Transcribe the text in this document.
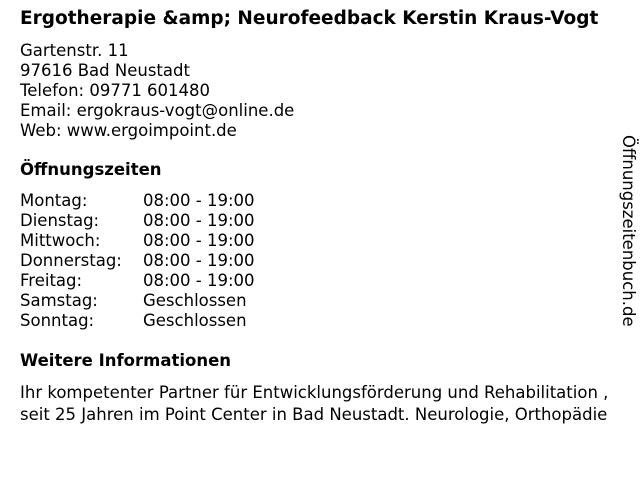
Ergotherapie &amp; Neurofeedback Kerstin Kraus-Vogt
Gartenstr. 11
97616 Bad Neustadt
Telefon: 09771 601480
Email: ergokraus-vogt@online.de
Web: www.ergoimpoint.de
Öffnungszeiten
Montag:	08:00 - 19:00
Dienstag:	08:00 - 19:00
Mittwoch:	08:00 - 19:00
Donnerstag:	08:00 - 19:00
Freitag:	08:00 - 19:00
Samstag:	Geschlossen
Sonntag:	Geschlossen
Weitere Informationen
Ihr kompetenter Partner für Entwicklungsförderung und Rehabilitation , seit 25 Jahren im Point Center in Bad Neustadt. Neurologie, Orthopädie
Öffnungszeitenbuch.de
